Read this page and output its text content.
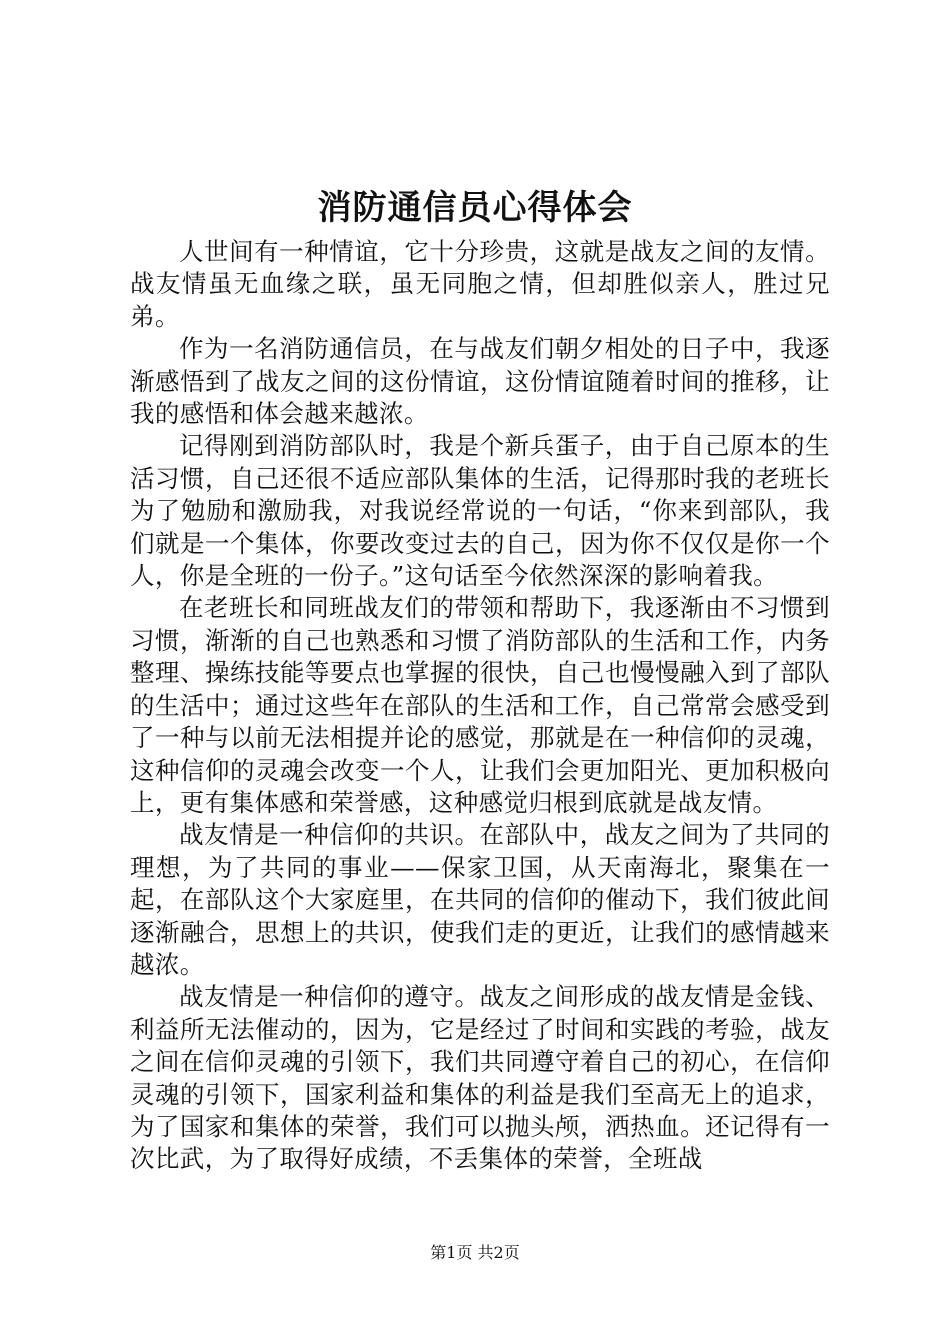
消防通信员心得体会

人世间有一种情谊，它十分珍贵，这就是战友之间的友情。战友情虽无血缘之联，虽无同胞之情，但却胜似亲人，胜过兄弟。

作为一名消防通信员，在与战友们朝夕相处的日子中，我逐渐感悟到了战友之间的这份情谊，这份情谊随着时间的推移，让我的感悟和体会越来越浓。

记得刚到消防部队时，我是个新兵蛋子，由于自己原本的生活习惯，自己还很不适应部队集体的生活，记得那时我的老班长为了勉励和激励我，对我说经常说的一句话，“你来到部队，我们就是一个集体，你要改变过去的自己，因为你不仅仅是你一个人，你是全班的一份子。”这句话至今依然深深的影响着我。

在老班长和同班战友们的带领和帮助下，我逐渐由不习惯到习惯，渐渐的自己也熟悉和习惯了消防部队的生活和工作，内务整理、操练技能等要点也掌握的很快，自己也慢慢融入到了部队的生活中；通过这些年在部队的生活和工作，自己常常会感受到了一种与以前无法相提并论的感觉，那就是在一种信仰的灵魂，这种信仰的灵魂会改变一个人，让我们会更加阳光、更加积极向上，更有集体感和荣誉感，这种感觉归根到底就是战友情。

战友情是一种信仰的共识。在部队中，战友之间为了共同的理想，为了共同的事业——保家卫国，从天南海北，聚集在一起，在部队这个大家庭里，在共同的信仰的催动下，我们彼此间逐渐融合，思想上的共识，使我们走的更近，让我们的感情越来越浓。

战友情是一种信仰的遵守。战友之间形成的战友情是金钱、利益所无法催动的，因为，它是经过了时间和实践的考验，战友之间在信仰灵魂的引领下，我们共同遵守着自己的初心，在信仰灵魂的引领下，国家利益和集体的利益是我们至高无上的追求，为了国家和集体的荣誉，我们可以抛头颅，洒热血。还记得有一次比武，为了取得好成绩，不丢集体的荣誉，全班战

第1页 共2页
